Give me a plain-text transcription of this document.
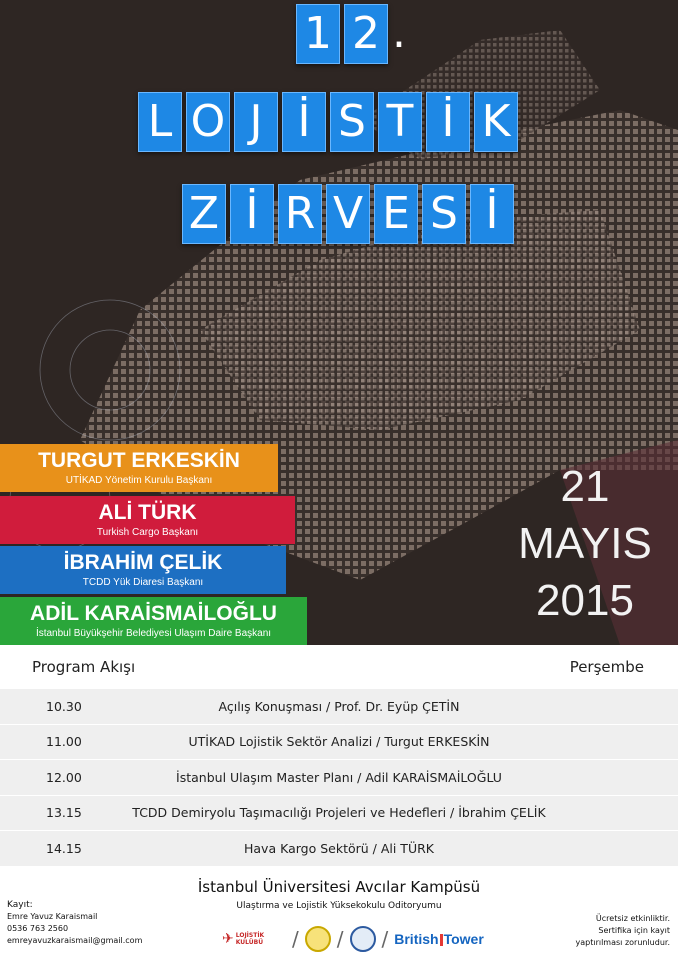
1 2 .
L O J İ S T İ K
Z İ R V E S İ
TURGUT ERKESKİN
UTİKAD Yönetim Kurulu Başkanı
ALİ TÜRK
Turkish Cargo Başkanı
İBRAHİM ÇELİK
TCDD Yük Diaresi Başkanı
ADİL KARAİSMAİLOĞLU
İstanbul Büyükşehir Belediyesi Ulaşım Daire Başkanı
21
MAYIS
2015
Program Akışı	Perşembe
10.30	Açılış Konuşması / Prof. Dr. Eyüp ÇETİN
11.00	UTİKAD Lojistik Sektör Analizi / Turgut ERKESKİN
12.00	İstanbul Ulaşım Master Planı / Adil KARAİSMAİLOĞLU
13.15	TCDD Demiryolu Taşımacılığı Projeleri ve Hedefleri / İbrahim ÇELİK
14.15	Hava Kargo Sektörü / Ali TÜRK
İstanbul Üniversitesi Avcılar Kampüsü
Ulaştırma ve Lojistik Yüksekokulu Oditoryumu
Kayıt:
Emre Yavuz Karaismail
0536 763 2560
emreyavuzkaraismail@gmail.com	✈ LOJİSTİK KULÜBÜ	/ / / British Tower
Ücretsiz etkinliktir.
Sertifika için kayıt
yaptırılması zorunludur.
